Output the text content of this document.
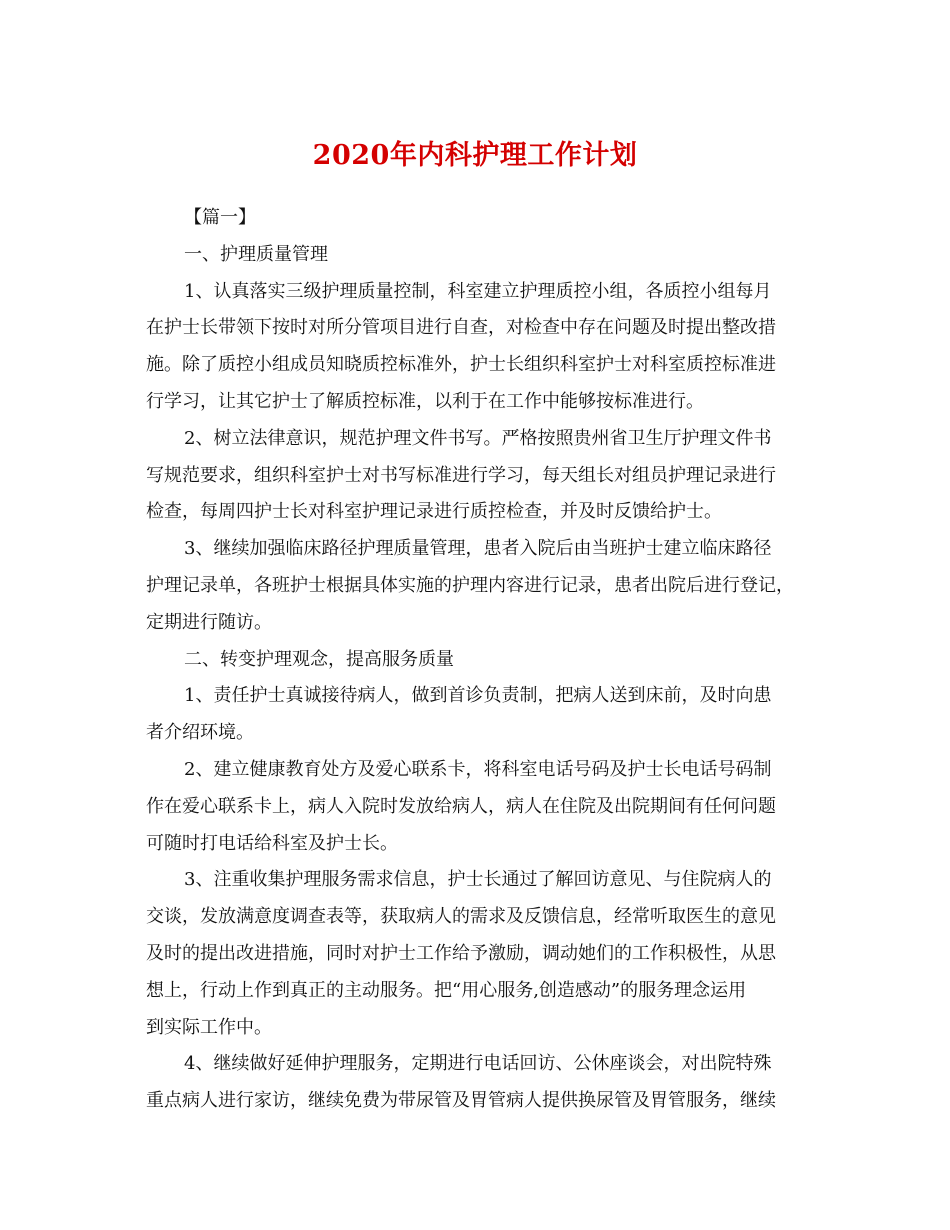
2020年内科护理工作计划
【篇一】
一、护理质量管理
1、认真落实三级护理质量控制，科室建立护理质控小组，各质控小组每月
在护士长带领下按时对所分管项目进行自查，对检查中存在问题及时提出整改措
施。除了质控小组成员知晓质控标准外，护士长组织科室护士对科室质控标准进
行学习，让其它护士了解质控标准，以利于在工作中能够按标准进行。
2、树立法律意识，规范护理文件书写。严格按照贵州省卫生厅护理文件书
写规范要求，组织科室护士对书写标准进行学习，每天组长对组员护理记录进行
检查，每周四护士长对科室护理记录进行质控检查，并及时反馈给护士。
3、继续加强临床路径护理质量管理，患者入院后由当班护士建立临床路径
护理记录单，各班护士根据具体实施的护理内容进行记录，患者出院后进行登记，
定期进行随访。
二、转变护理观念，提高服务质量
1、责任护士真诚接待病人，做到首诊负责制，把病人送到床前，及时向患
者介绍环境。
2、建立健康教育处方及爱心联系卡，将科室电话号码及护士长电话号码制
作在爱心联系卡上，病人入院时发放给病人，病人在住院及出院期间有任何问题
可随时打电话给科室及护士长。
3、注重收集护理服务需求信息，护士长通过了解回访意见、与住院病人的
交谈，发放满意度调查表等，获取病人的需求及反馈信息，经常听取医生的意见
及时的提出改进措施，同时对护士工作给予激励，调动她们的工作积极性，从思
想上，行动上作到真正的主动服务。把“用心服务,创造感动”的服务理念运用
到实际工作中。
4、继续做好延伸护理服务，定期进行电话回访、公休座谈会，对出院特殊
重点病人进行家访，继续免费为带尿管及胃管病人提供换尿管及胃管服务，继续
